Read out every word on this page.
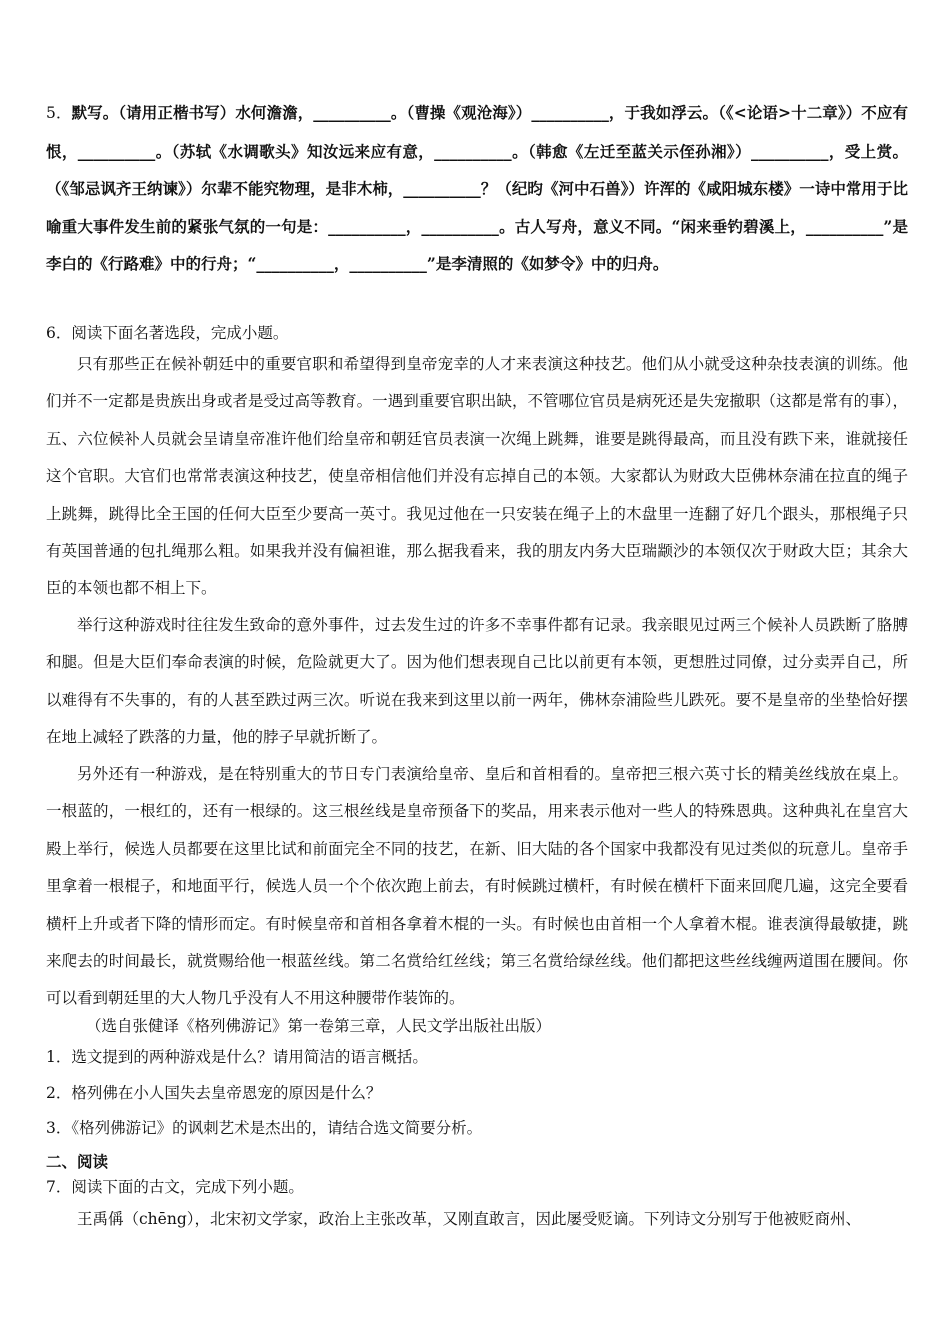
5．默写。（请用正楷书写）水何澹澹，__________。（曹操《观沧海》）__________，于我如浮云。（《<论语>十二章》）不应有恨，__________。（苏轼《水调歌头》知汝远来应有意，__________。（韩愈《左迁至蓝关示侄孙湘》）__________，受上赏。（《邹忌讽齐王纳谏》）尔辈不能究物理，是非木柿，__________？（纪昀《河中石兽》）许浑的《咸阳城东楼》一诗中常用于比喻重大事件发生前的紧张气氛的一句是：__________，__________。古人写舟，意义不同。“闲来垂钓碧溪上，__________”是李白的《行路难》中的行舟；“__________，__________”是李清照的《如梦令》中的归舟。
6．阅读下面名著选段，完成小题。
只有那些正在候补朝廷中的重要官职和希望得到皇帝宠幸的人才来表演这种技艺。他们从小就受这种杂技表演的训练。他们并不一定都是贵族出身或者是受过高等教育。一遇到重要官职出缺，不管哪位官员是病死还是失宠撤职（这都是常有的事），五、六位候补人员就会呈请皇帝准许他们给皇帝和朝廷官员表演一次绳上跳舞，谁要是跳得最高，而且没有跌下来，谁就接任这个官职。大官们也常常表演这种技艺，使皇帝相信他们并没有忘掉自己的本领。大家都认为财政大臣佛林奈浦在拉直的绳子上跳舞，跳得比全王国的任何大臣至少要高一英寸。我见过他在一只安装在绳子上的木盘里一连翻了好几个跟头，那根绳子只有英国普通的包扎绳那么粗。如果我并没有偏袒谁，那么据我看来，我的朋友内务大臣瑞颛沙的本领仅次于财政大臣；其余大臣的本领也都不相上下。
举行这种游戏时往往发生致命的意外事件，过去发生过的许多不幸事件都有记录。我亲眼见过两三个候补人员跌断了胳膊和腿。但是大臣们奉命表演的时候，危险就更大了。因为他们想表现自己比以前更有本领，更想胜过同僚，过分卖弄自己，所以难得有不失事的，有的人甚至跌过两三次。听说在我来到这里以前一两年，佛林奈浦险些儿跌死。要不是皇帝的坐垫恰好摆在地上减轻了跌落的力量，他的脖子早就折断了。
另外还有一种游戏，是在特别重大的节日专门表演给皇帝、皇后和首相看的。皇帝把三根六英寸长的精美丝线放在桌上。一根蓝的，一根红的，还有一根绿的。这三根丝线是皇帝预备下的奖品，用来表示他对一些人的特殊恩典。这种典礼在皇宫大殿上举行，候选人员都要在这里比试和前面完全不同的技艺，在新、旧大陆的各个国家中我都没有见过类似的玩意儿。皇帝手里拿着一根棍子，和地面平行，候选人员一个个依次跑上前去，有时候跳过横杆，有时候在横杆下面来回爬几遍，这完全要看横杆上升或者下降的情形而定。有时候皇帝和首相各拿着木棍的一头。有时候也由首相一个人拿着木棍。谁表演得最敏捷，跳来爬去的时间最长，就赏赐给他一根蓝丝线。第二名赏给红丝线；第三名赏给绿丝线。他们都把这些丝线缠两道围在腰间。你可以看到朝廷里的大人物几乎没有人不用这种腰带作装饰的。
（选自张健译《格列佛游记》第一卷第三章，人民文学出版社出版）
1．选文提到的两种游戏是什么？请用简洁的语言概括。
2．格列佛在小人国失去皇帝恩宠的原因是什么？
3．《格列佛游记》的讽刺艺术是杰出的，请结合选文简要分析。
二、阅读
7．阅读下面的古文，完成下列小题。
王禹偁（chēng），北宋初文学家，政治上主张改革，又刚直敢言，因此屡受贬谪。下列诗文分别写于他被贬商州、
